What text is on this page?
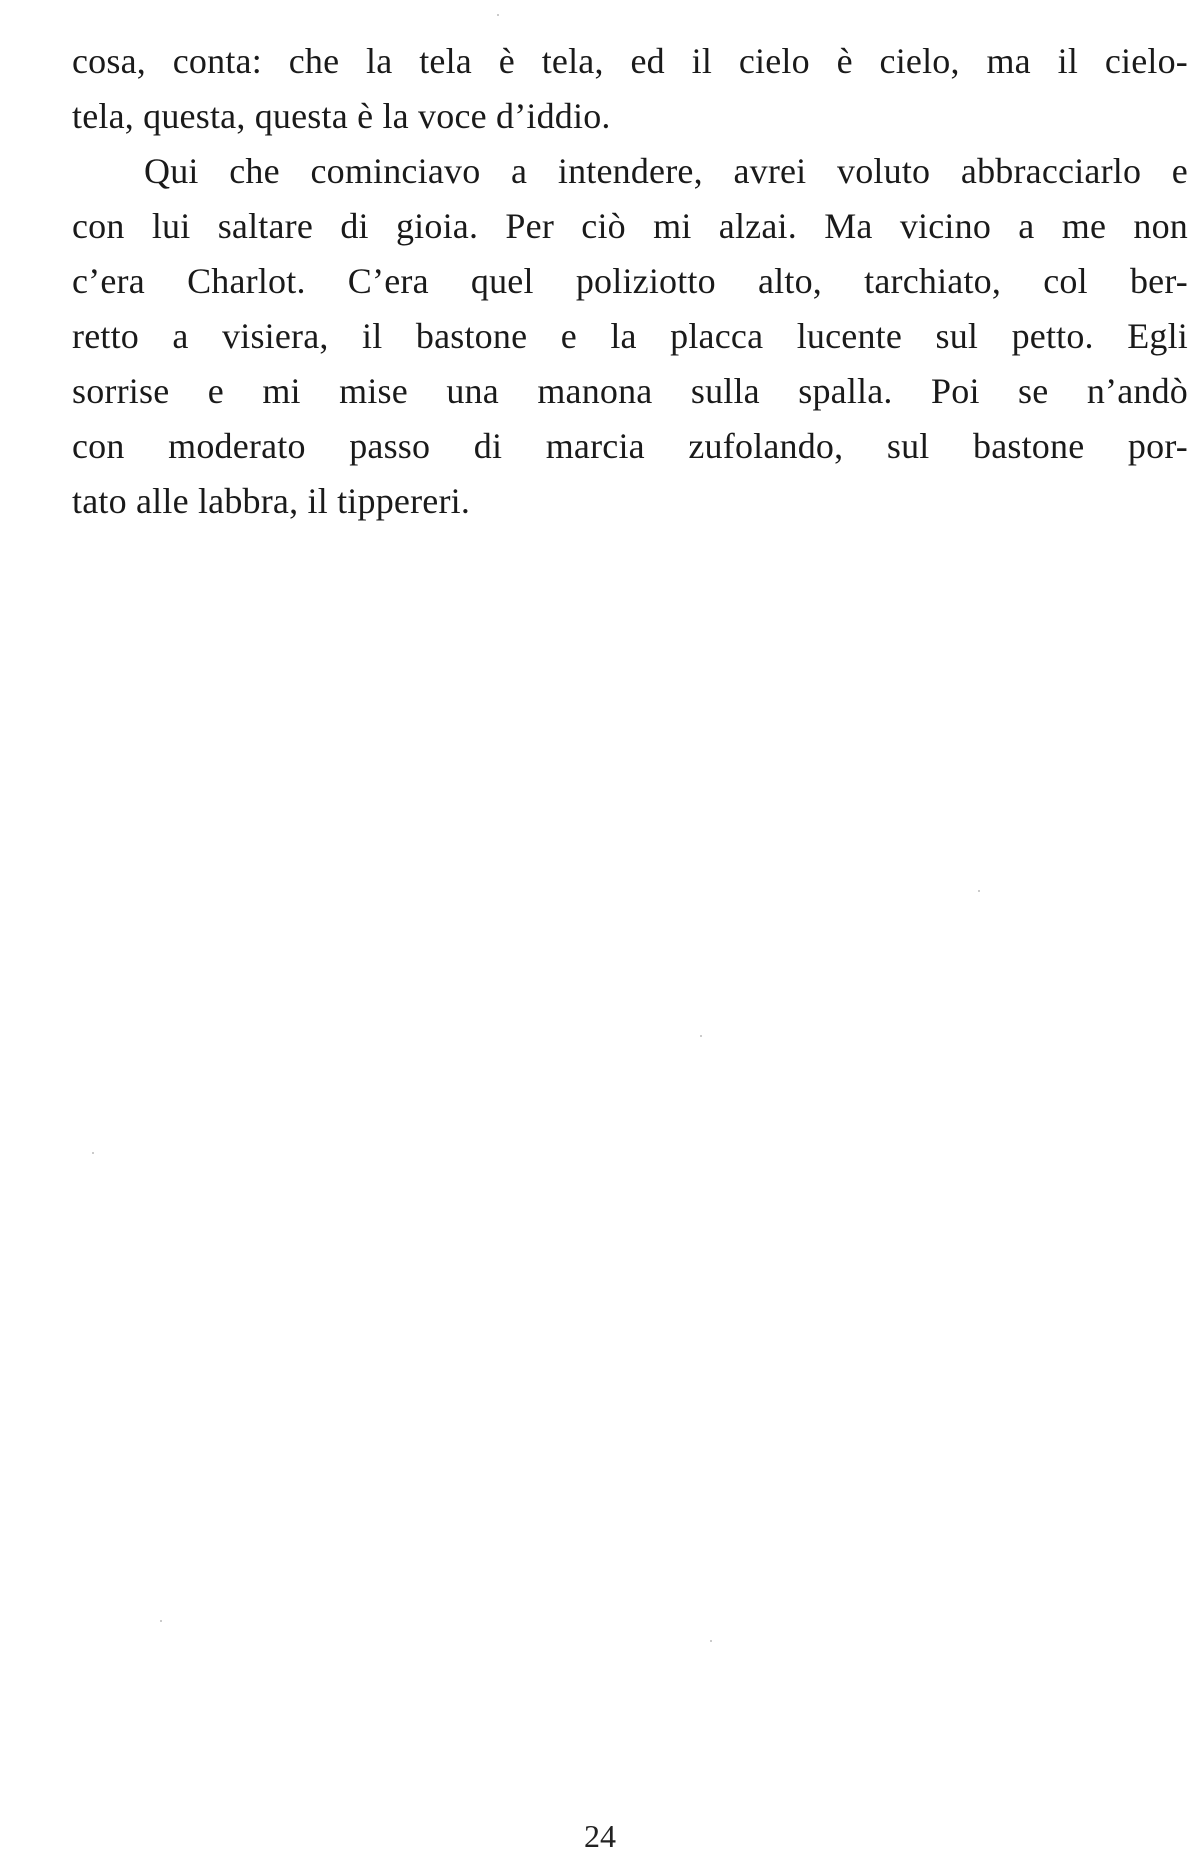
cosa, conta: che la tela è tela, ed il cielo è cielo, ma il cielo-
tela, questa, questa è la voce d’iddio.
Qui che cominciavo a intendere, avrei voluto abbracciarlo e
con lui saltare di gioia. Per ciò mi alzai. Ma vicino a me non
c’era Charlot. C’era quel poliziotto alto, tarchiato, col ber-
retto a visiera, il bastone e la placca lucente sul petto. Egli
sorrise e mi mise una manona sulla spalla. Poi se n’andò
con moderato passo di marcia zufolando, sul bastone por-
tato alle labbra, il tippereri.
24
